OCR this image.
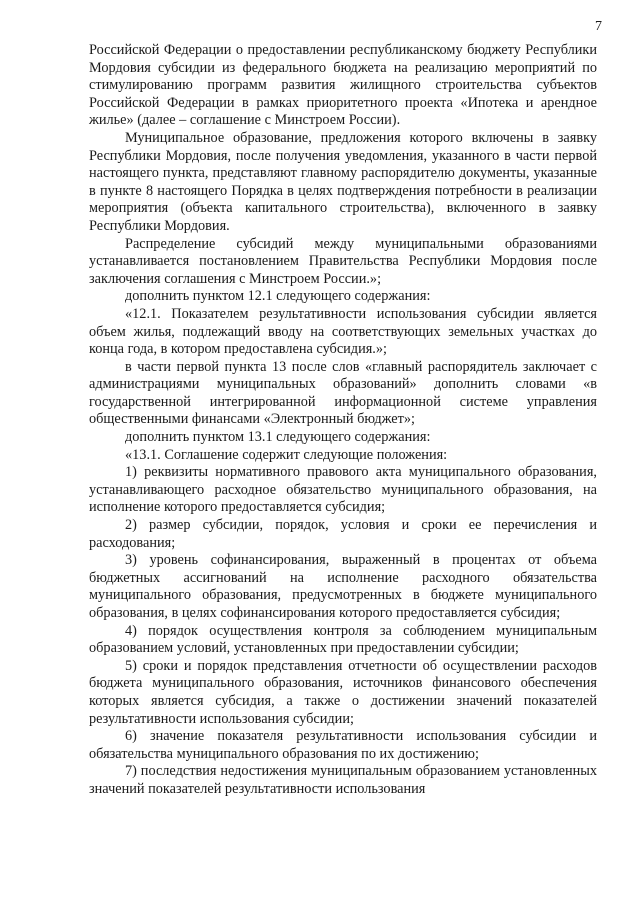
7

Российской Федерации о предоставлении республиканскому бюджету Республики Мордовия субсидии из федерального бюджета на реализацию мероприятий по стимулированию программ развития жилищного строительства субъектов Российской Федерации в рамках приоритетного проекта «Ипотека и арендное жилье» (далее – соглашение с Минстроем России).

Муниципальное образование, предложения которого включены в заявку Республики Мордовия, после получения уведомления, указанного в части первой настоящего пункта, представляют главному распорядителю документы, указанные в пункте 8 настоящего Порядка в целях подтверждения потребности в реализации мероприятия (объекта капитального строительства), включенного в заявку Республики Мордовия.

Распределение субсидий между муниципальными образованиями устанавливается постановлением Правительства Республики Мордовия после заключения соглашения с Минстроем России.»;

дополнить пунктом 12.1 следующего содержания:

«12.1. Показателем результативности использования субсидии является объем жилья, подлежащий вводу на соответствующих земельных участках до конца года, в котором предоставлена субсидия.»;

в части первой пункта 13 после слов «главный распорядитель заключает с администрациями муниципальных образований» дополнить словами «в государственной интегрированной информационной системе управления общественными финансами «Электронный бюджет»;

дополнить пунктом 13.1 следующего содержания:

«13.1. Соглашение содержит следующие положения:

1) реквизиты нормативного правового акта муниципального образования, устанавливающего расходное обязательство муниципального образования, на исполнение которого предоставляется субсидия;

2) размер субсидии, порядок, условия и сроки ее перечисления и расходования;

3) уровень софинансирования, выраженный в процентах от объема бюджетных ассигнований на исполнение расходного обязательства муниципального образования, предусмотренных в бюджете муниципального образования, в целях софинансирования которого предоставляется субсидия;

4) порядок осуществления контроля за соблюдением муниципальным образованием условий, установленных при предоставлении субсидии;

5) сроки и порядок представления отчетности об осуществлении расходов бюджета муниципального образования, источников финансового обеспечения которых является субсидия, а также о достижении значений показателей результативности использования субсидии;

6) значение показателя результативности использования субсидии и обязательства муниципального образования по их достижению;

7) последствия недостижения муниципальным образованием установленных значений показателей результативности использования
